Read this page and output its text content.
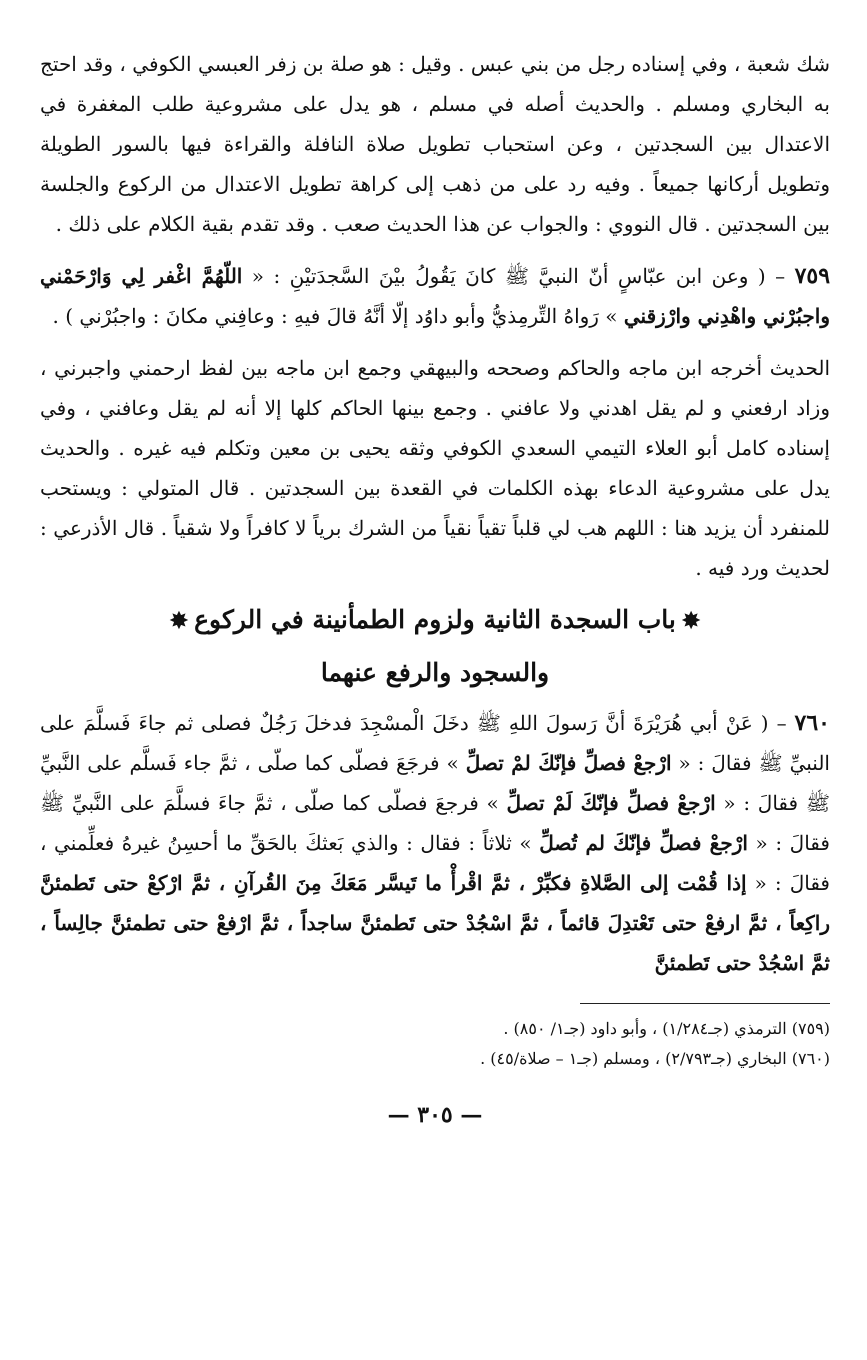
شك شعبة ، وفي إسناده رجل من بني عبس . وقيل : هو صلة بن زفر العبسي الكوفي ، وقد احتج به البخاري ومسلم . والحديث أصله في مسلم ، هو يدل على مشروعية طلب المغفرة في الاعتدال بين السجدتين ، وعن استحباب تطويل صلاة النافلة والقراءة فيها بالسور الطويلة وتطويل أركانها جميعاً . وفيه رد على من ذهب إلى كراهة تطويل الاعتدال من الركوع والجلسة بين السجدتين . قال النووي : والجواب عن هذا الحديث صعب . وقد تقدم بقية الكلام على ذلك .

٧٥٩ – ( وعن ابن عبّاسٍ أنّ النبيَّ ﷺ كانَ يَقُولُ بيْنَ السَّجدَتيْنِ : « اللّهُمَّ اغْفر لِي وَارْحَمْني واجبُرْني واهْدِني وارْزقني » رَواهُ التِّرمِذيُّ وأبو داوُد إلّا أنَّهُ قالَ فيهِ : وعافِني مكانَ : واجبُرْني ) .

الحديث أخرجه ابن ماجه والحاكم وصححه والبيهقي وجمع ابن ماجه بين لفظ ارحمني واجبرني ، وزاد ارفعني و لم يقل اهدني ولا عافني . وجمع بينها الحاكم كلها إلا أنه لم يقل وعافني ، وفي إسناده كامل أبو العلاء التيمي السعدي الكوفي وثقه يحيى بن معين وتكلم فيه غيره . والحديث يدل على مشروعية الدعاء بهذه الكلمات في القعدة بين السجدتين . قال المتولي : ويستحب للمنفرد أن يزيد هنا : اللهم هب لي قلباً تقياً نقياً من الشرك برياً لا كافراً ولا شقياً . قال الأذرعي : لحديث ورد فيه .

✸باب السجدة الثانية ولزوم الطمأنينة في الركوع✸
والسجود والرفع عنهما

٧٦٠ – ( عَنْ أبي هُرَيْرَةَ أنَّ رَسولَ اللهِ ﷺ دخَلَ الْمسْجِدَ فدخلَ رَجُلٌ فصلى ثم جاءَ فَسلَّمَ على النبيِّ ﷺ فقالَ : « ارْجعْ فصلِّ فإنّكَ لمْ تصلِّ » فرجَعَ فصلّى كما صلّى ، ثمَّ جاء فَسلَّم على النَّبيِّ ﷺ فقالَ : « ارْجعْ فصلِّ فإنّكَ لَمْ تصلِّ » فرجعَ فصلّى كما صلّى ، ثمَّ جاءَ فسلَّمَ على النَّبيِّ ﷺ فقالَ : « ارْجعْ فصلِّ فإنّكَ لم تُصلِّ » ثلاثاً : فقال : والذي بَعثكَ بالحَقِّ ما أحسِنُ غيرهُ فعلِّمني ، فقالَ : « إذا قُمْت إلى الصَّلاةِ فكبِّرْ ، ثمَّ اقْرأْ ما تَيسَّر مَعَكَ مِنَ القُرآنِ ، ثمَّ ارْكعْ حتى تَطمئنَّ راكِعاً ، ثمَّ ارفعْ حتى تَعْتدِلَ قائماً ، ثمَّ اسْجُدْ حتى تَطمئنَّ ساجداً ، ثمَّ ارْفعْ حتى تطمئنَّ جالِساً ، ثمَّ اسْجُدْ حتى تَطمئنَّ

(٧٥٩) الترمذي (جـ١/٢٨٤) ، وأبو داود (جـ١/ ٨٥٠) .
(٧٦٠) البخاري (جـ٢/٧٩٣) ، ومسلم (جـ١ – صلاة/٤٥) .
— ٣٠٥ —
